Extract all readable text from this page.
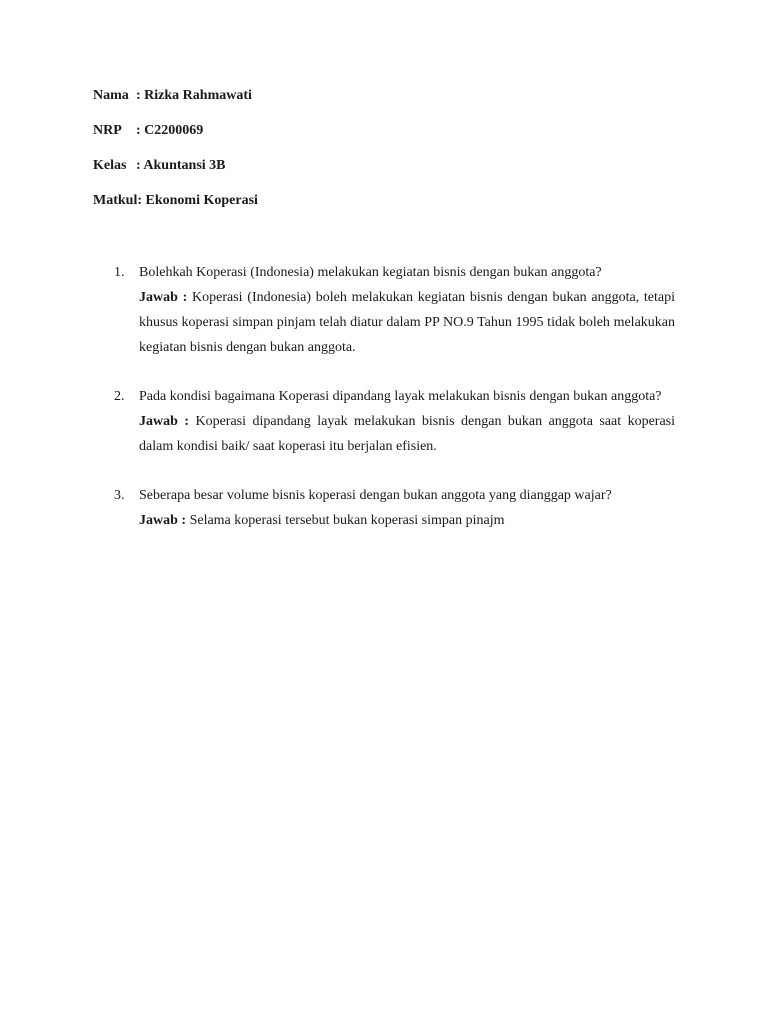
Nama : Rizka Rahmawati
NRP : C2200069
Kelas : Akuntansi 3B
Matkul: Ekonomi Koperasi
1.	Bolehkah Koperasi (Indonesia) melakukan kegiatan bisnis dengan bukan anggota?
Jawab : Koperasi (Indonesia) boleh melakukan kegiatan bisnis dengan bukan anggota, tetapi khusus koperasi simpan pinjam telah diatur dalam PP NO.9 Tahun 1995 tidak boleh melakukan kegiatan bisnis dengan bukan anggota.
2.	Pada kondisi bagaimana Koperasi dipandang layak melakukan bisnis dengan bukan anggota?
Jawab : Koperasi dipandang layak melakukan bisnis dengan bukan anggota saat koperasi dalam kondisi baik/ saat koperasi itu berjalan efisien.
3.	Seberapa besar volume bisnis koperasi dengan bukan anggota yang dianggap wajar?
Jawab : Selama koperasi tersebut bukan koperasi simpan pinajm
